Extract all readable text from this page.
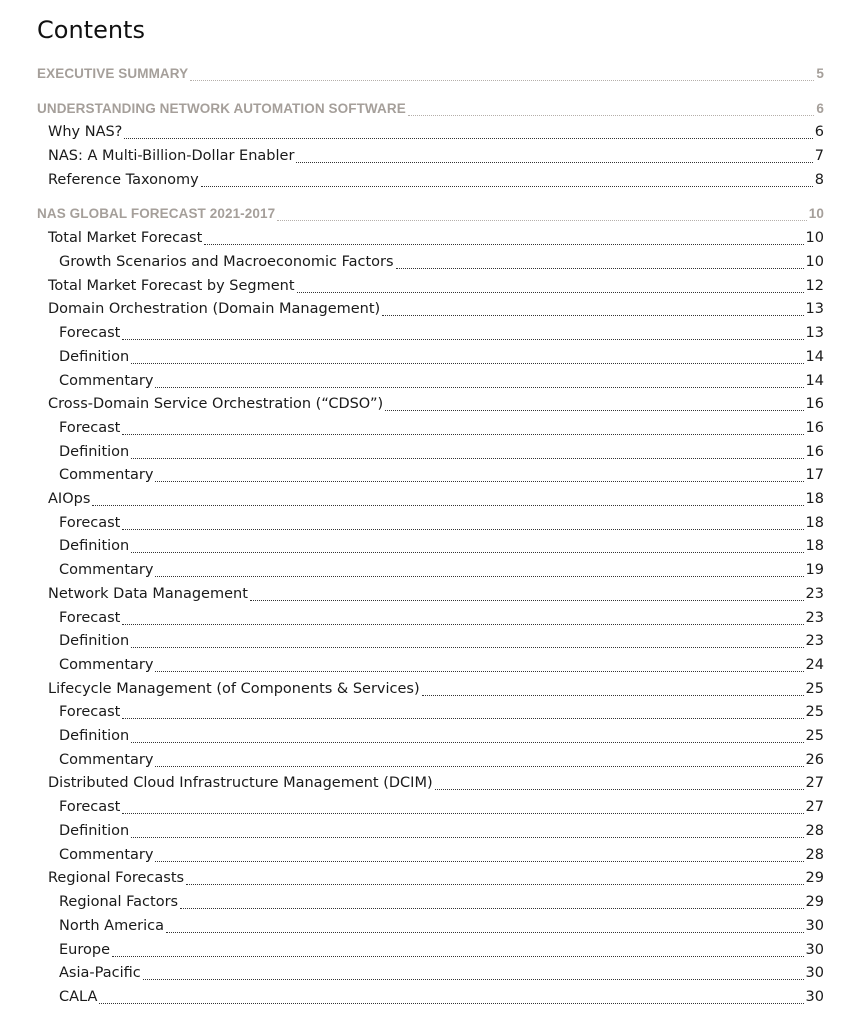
Contents
EXECUTIVE SUMMARY	5
UNDERSTANDING NETWORK AUTOMATION SOFTWARE	6
Why NAS?	6
NAS: A Multi-Billion-Dollar Enabler	7
Reference Taxonomy	8
NAS GLOBAL FORECAST 2021-2017	10
Total Market Forecast	10
Growth Scenarios and Macroeconomic Factors	10
Total Market Forecast by Segment	12
Domain Orchestration (Domain Management)	13
Forecast	13
Definition	14
Commentary	14
Cross-Domain Service Orchestration (“CDSO”)	16
Forecast	16
Definition	16
Commentary	17
AIOps	18
Forecast	18
Definition	18
Commentary	19
Network Data Management	23
Forecast	23
Definition	23
Commentary	24
Lifecycle Management (of Components & Services)	25
Forecast	25
Definition	25
Commentary	26
Distributed Cloud Infrastructure Management (DCIM)	27
Forecast	27
Definition	28
Commentary	28
Regional Forecasts	29
Regional Factors	29
North America	30
Europe	30
Asia-Pacific	30
CALA	30
